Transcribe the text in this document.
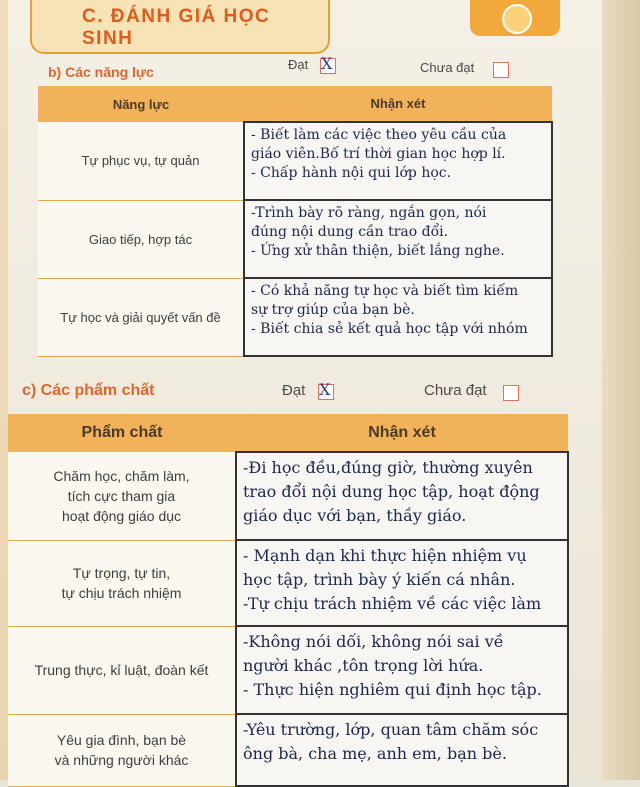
C. ĐÁNH GIÁ HỌC SINH
b) Các năng lực	Đạt X	Chưa đạt
Năng lực	Nhận xét
Tự phục vụ, tự quản	- Biết làm các việc theo yêu cầu của
giáo viên.Bố trí thời gian học hợp lí.
- Chấp hành nội qui lớp học.

Giao tiếp, hợp tác	-Trình bày rõ ràng, ngắn gọn, nói
đúng nội dung cần trao đổi.
- Ứng xử thân thiện, biết lắng nghe.

Tự học và giải quyết vấn đề	- Có khả năng tự học và biết tìm kiếm
sự trợ giúp của bạn bè.
- Biết chia sẻ kết quả học tập với nhóm
c) Các phẩm chất	Đạt X	Chưa đạt
Phẩm chất	Nhận xét

Chăm học, chăm làm,
tích cực tham gia
hoạt động giáo dục	-Đi học đều,đúng giờ, thường xuyên
trao đổi nội dung học tập, hoạt động
giáo dục với bạn, thầy giáo.

Tự trọng, tự tin,
tự chịu trách nhiệm	- Mạnh dạn khi thực hiện nhiệm vụ
học tập, trình bày ý kiến cá nhân.
-Tự chịu trách nhiệm về các việc làm

Trung thực, kỉ luật, đoàn kết	-Không nói dối, không nói sai về
người khác ,tôn trọng lời hứa.
- Thực hiện nghiêm qui định học tập.

Yêu gia đình, bạn bè
và những người khác	-Yêu trường, lớp, quan tâm chăm sóc
ông bà, cha mẹ, anh em, bạn bè.
